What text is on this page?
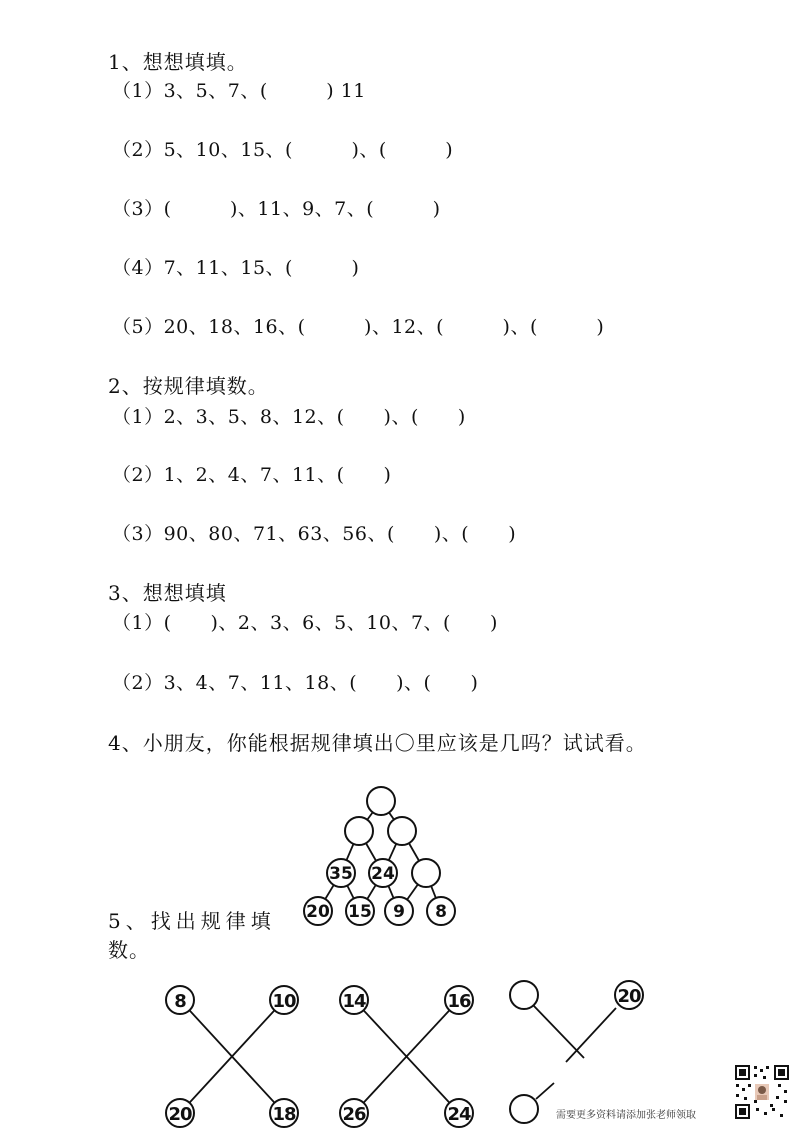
1、想想填填。
（1）3、5、7、(　　　) 11
（2）5、10、15、(　　　)、(　　　)
（3）(　　　)、11、9、7、(　　　)
（4）7、11、15、(　　　)
（5）20、18、16、(　　　)、12、(　　　)、(　　　)
2、按规律填数。
（1）2、3、5、8、12、(　　)、(　　)
（2）1、2、4、7、11、(　　)
（3）90、80、71、63、56、(　　)、(　　)
3、想想填填
（1）(　　)、2、3、6、5、10、7、(　　)
（2）3、4、7、11、18、(　　)、(　　)
4、小朋友，你能根据规律填出〇里应该是几吗？试试看。
5、找出规律填
数。
35 24
20 15 9 8
8	10
20	18
14	16
26	24
20
需要更多资料请添加张老师领取
